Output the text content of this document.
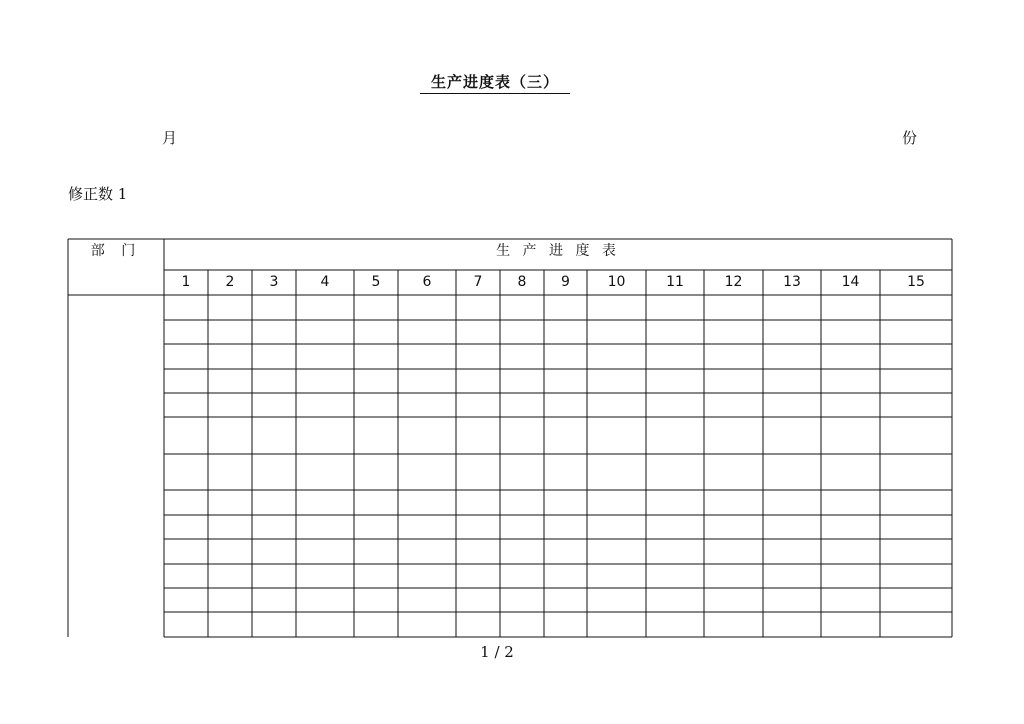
生产进度表（三）
月	份
修正数 1
部 门	生 产 进 度 表
1	2	3	4	5	6	7	8	9	10	11	12	13	14	15
1 / 2
